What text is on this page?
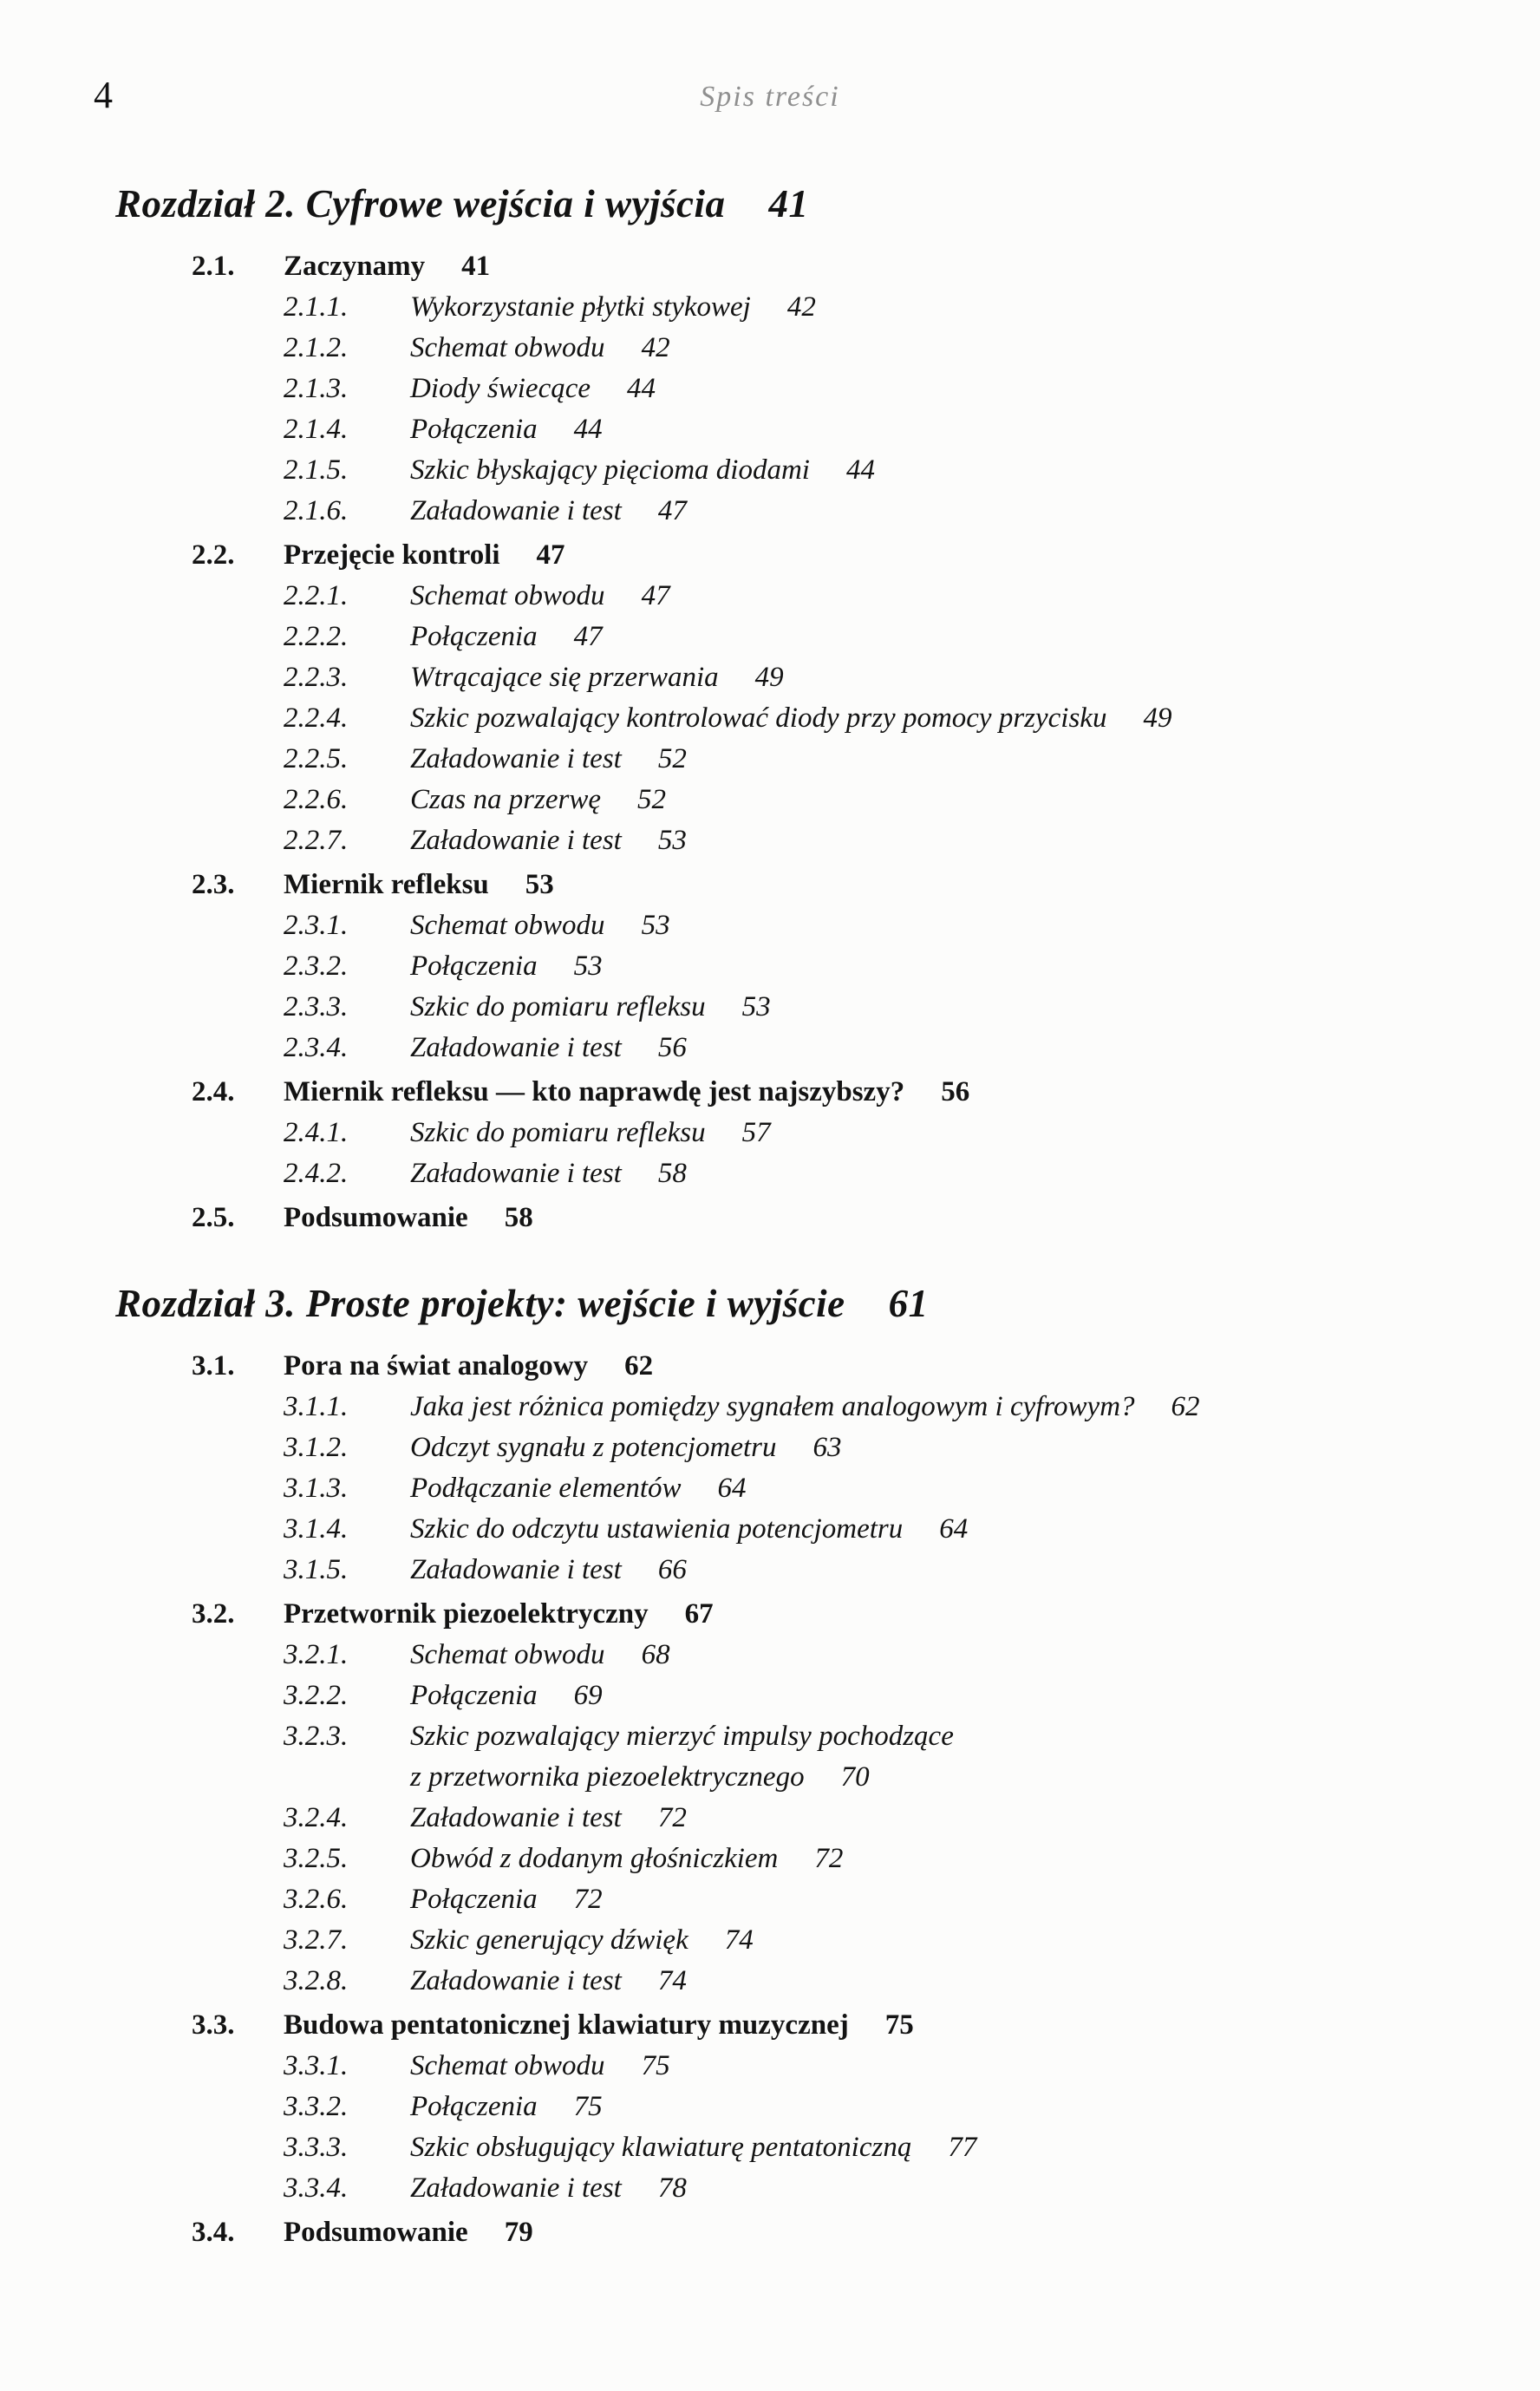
4	Spis treści
Rozdział 2. Cyfrowe wejścia i wyjścia 41
2.1.	Zaczynamy 41
2.1.1.	Wykorzystanie płytki stykowej 42
2.1.2.	Schemat obwodu 42
2.1.3.	Diody świecące 44
2.1.4.	Połączenia 44
2.1.5.	Szkic błyskający pięcioma diodami 44
2.1.6.	Załadowanie i test 47
2.2.	Przejęcie kontroli 47
2.2.1.	Schemat obwodu 47
2.2.2.	Połączenia 47
2.2.3.	Wtrącające się przerwania 49
2.2.4.	Szkic pozwalający kontrolować diody przy pomocy przycisku 49
2.2.5.	Załadowanie i test 52
2.2.6.	Czas na przerwę 52
2.2.7.	Załadowanie i test 53
2.3.	Miernik refleksu 53
2.3.1.	Schemat obwodu 53
2.3.2.	Połączenia 53
2.3.3.	Szkic do pomiaru refleksu 53
2.3.4.	Załadowanie i test 56
2.4.	Miernik refleksu — kto naprawdę jest najszybszy? 56
2.4.1.	Szkic do pomiaru refleksu 57
2.4.2.	Załadowanie i test 58
2.5.	Podsumowanie 58
Rozdział 3. Proste projekty: wejście i wyjście 61
3.1.	Pora na świat analogowy 62
3.1.1.	Jaka jest różnica pomiędzy sygnałem analogowym i cyfrowym? 62
3.1.2.	Odczyt sygnału z potencjometru 63
3.1.3.	Podłączanie elementów 64
3.1.4.	Szkic do odczytu ustawienia potencjometru 64
3.1.5.	Załadowanie i test 66
3.2.	Przetwornik piezoelektryczny 67
3.2.1.	Schemat obwodu 68
3.2.2.	Połączenia 69
3.2.3.	Szkic pozwalający mierzyć impulsy pochodzące
z przetwornika piezoelektrycznego 70
3.2.4.	Załadowanie i test 72
3.2.5.	Obwód z dodanym głośniczkiem 72
3.2.6.	Połączenia 72
3.2.7.	Szkic generujący dźwięk 74
3.2.8.	Załadowanie i test 74
3.3.	Budowa pentatonicznej klawiatury muzycznej 75
3.3.1.	Schemat obwodu 75
3.3.2.	Połączenia 75
3.3.3.	Szkic obsługujący klawiaturę pentatoniczną 77
3.3.4.	Załadowanie i test 78
3.4.	Podsumowanie 79
